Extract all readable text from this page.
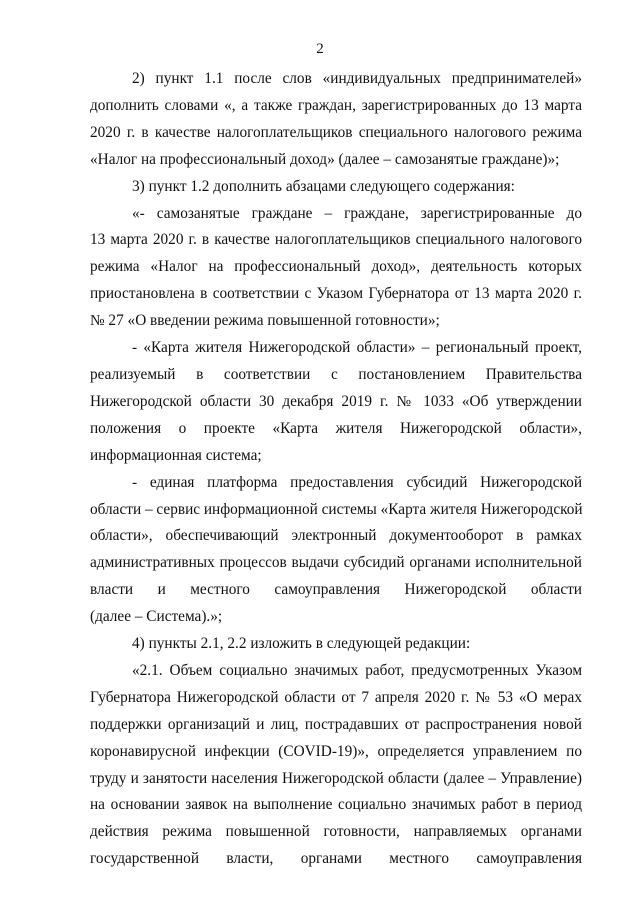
2
2) пункт 1.1 после слов «индивидуальных предпринимателей»
дополнить словами «, а также граждан, зарегистрированных до 13 марта
2020 г. в качестве налогоплательщиков специального налогового режима
«Налог на профессиональный доход» (далее – самозанятые граждане)»;
3) пункт 1.2 дополнить абзацами следующего содержания:
«- самозанятые граждане – граждане, зарегистрированные до
13 марта 2020 г. в качестве налогоплательщиков специального налогового
режима «Налог на профессиональный доход», деятельность которых
приостановлена в соответствии с Указом Губернатора от 13 марта 2020 г.
№ 27 «О введении режима повышенной готовности»;
- «Карта жителя Нижегородской области» – региональный проект,
реализуемый в соответствии с постановлением Правительства
Нижегородской области 30 декабря 2019 г. № 1033 «Об утверждении
положения о проекте «Карта жителя Нижегородской области»,
информационная система;
- единая платформа предоставления субсидий Нижегородской
области – сервис информационной системы «Карта жителя Нижегородской
области», обеспечивающий электронный документооборот в рамках
административных процессов выдачи субсидий органами исполнительной
власти и местного самоуправления Нижегородской области
(далее – Система).»;
4) пункты 2.1, 2.2 изложить в следующей редакции:
«2.1. Объем социально значимых работ, предусмотренных Указом
Губернатора Нижегородской области от 7 апреля 2020 г. № 53 «О мерах
поддержки организаций и лиц, пострадавших от распространения новой
коронавирусной инфекции (COVID-19)», определяется управлением по
труду и занятости населения Нижегородской области (далее – Управление)
на основании заявок на выполнение социально значимых работ в период
действия режима повышенной готовности, направляемых органами
государственной власти, органами местного самоуправления
